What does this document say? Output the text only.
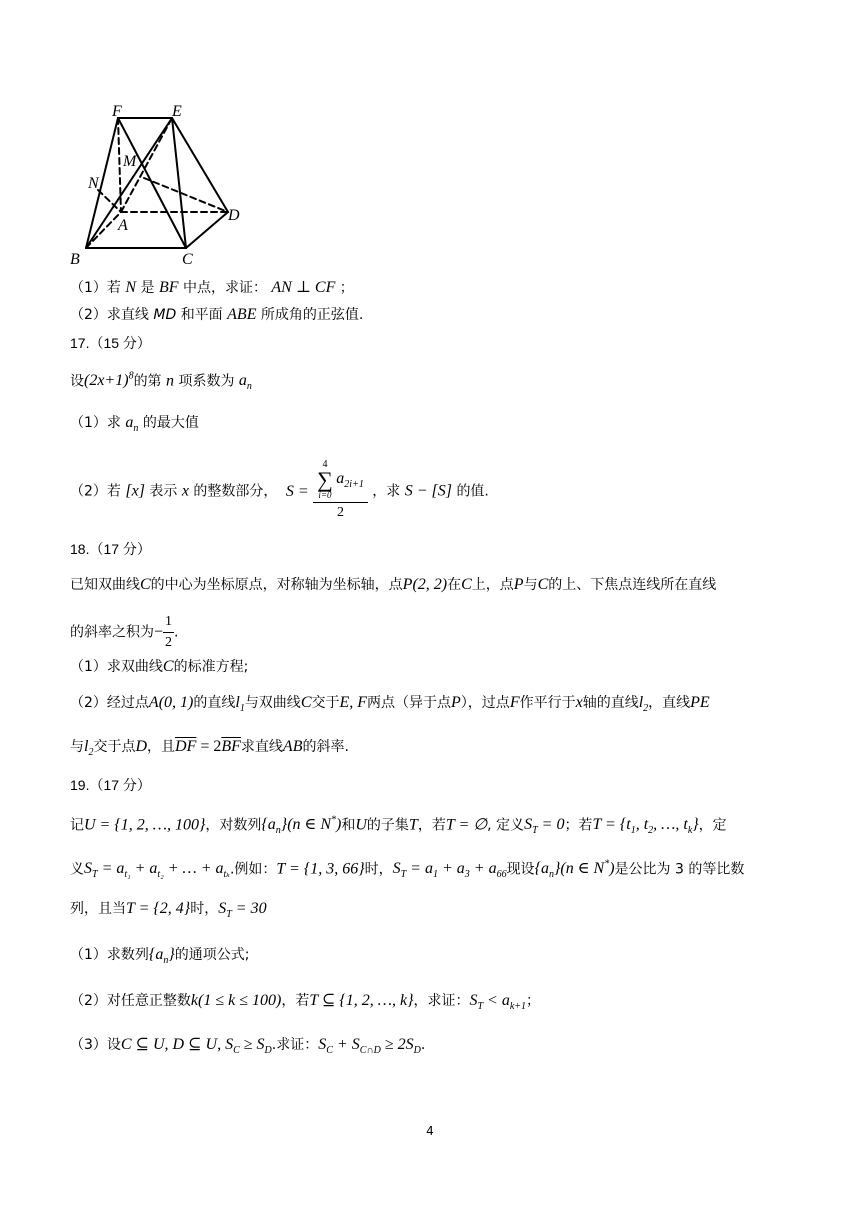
F	E
M
N
A
D
B	C
（1）若 N 是 BF 中点，求证： AN ⊥ CF ；
（2）求直线 MD 和平面 ABE 所成角的正弦值.
17.（15 分）
设$(2x+1)^8$的第 n 项系数为 $a_n$
（1）求 $a_n$ 的最大值
（2）若 [x] 表示 x 的整数部分， S = 4
∑
i=0
$a_{2i+1}$
2 ，求 S − [S] 的值.
18.（17 分）
已知双曲线C的中心为坐标原点，对称轴为坐标轴，点P(2, 2)在C上，点P与C的上、下焦点连线所在直线
的斜率之积为− $\frac{1}{2}$ .
（1）求双曲线C的标准方程;
（2）经过点A(0, 1)的直线$l_1$与双曲线C交于E, F两点（异于点P），过点F作平行于x轴的直线$l_2$，直线PE
与$l_2$交于点D，且$\overline{DF} = 2\overline{BF}$求直线AB的斜率.
19.（17 分）
记U = {1, 2, …, 100}，对数列$\{a_n\}(n$ ∈ N*)和U的子集T，若T = ∅, 定义$S_T = 0$；若$T = \{t_1$, $t_2$, …, $t_k$}，定
义$S_T = a_{t_1} + a_{t_2}$ + … + $a_{t_k}$.例如：T = {1, 3, 66}时，$S_T = a_1 + a_3 + a_{66}$现设$\{a_n\}(n$ ∈ N*)是公比为 3 的等比数
列，且当T = {2, 4}时，$S_T = 30$
（1）求数列$\{a_n\}$的通项公式;
（2）对任意正整数k(1 ≤ k ≤ 100)，若T ⊆ {1, 2, …, k}，求证：$S_T < a_{k+1}$；
（3）设C ⊆ U, D ⊆ U, $S_C \ge S_D$.求证：$S_C + S_{C\cap D} \ge 2S_D$.
4
